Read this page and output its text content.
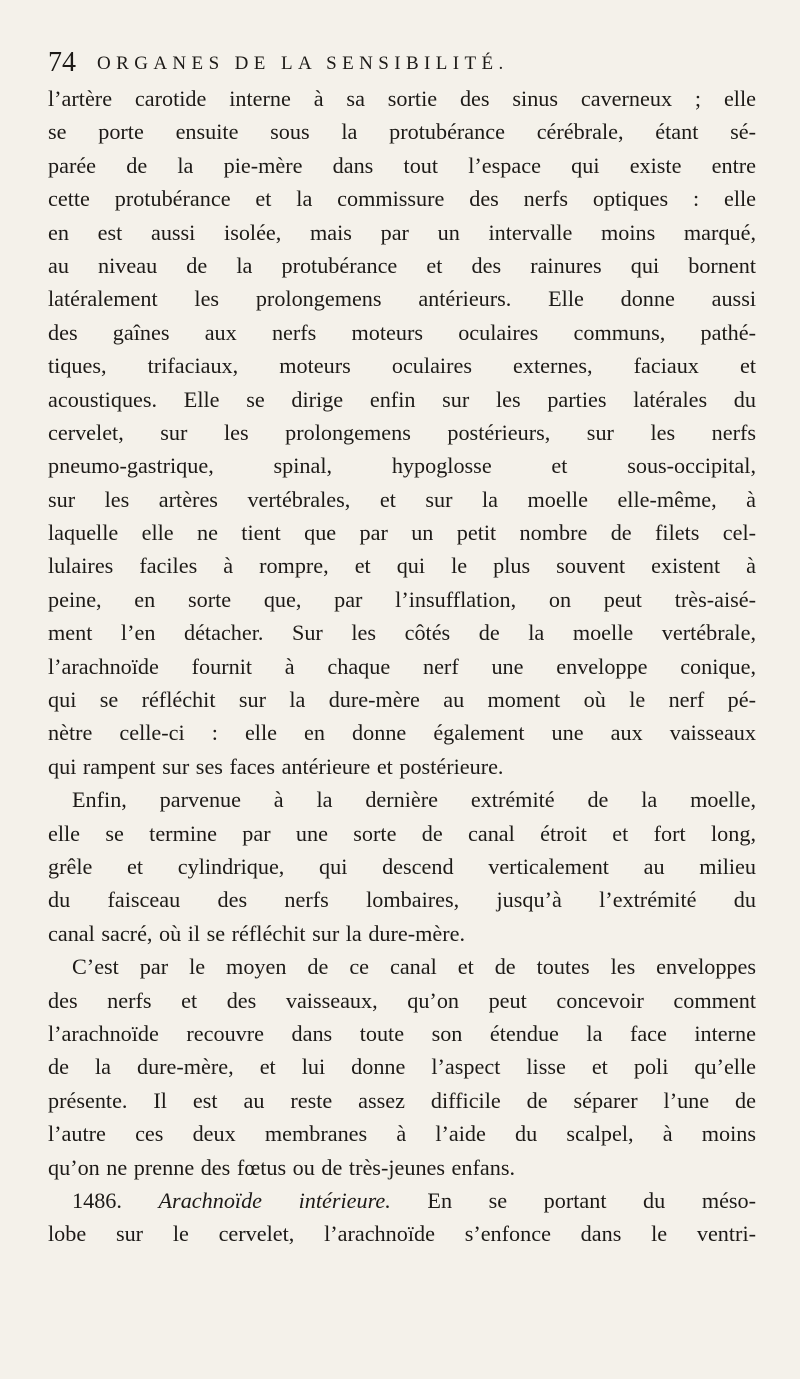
74 ORGANES DE LA SENSIBILITÉ.
l’artère carotide interne à sa sortie des sinus caverneux ; elle
se porte ensuite sous la protubérance cérébrale, étant sé-
parée de la pie-mère dans tout l’espace qui existe entre
cette protubérance et la commissure des nerfs optiques : elle
en est aussi isolée, mais par un intervalle moins marqué,
au niveau de la protubérance et des rainures qui bornent
latéralement les prolongemens antérieurs. Elle donne aussi
des gaînes aux nerfs moteurs oculaires communs, pathé-
tiques, trifaciaux, moteurs oculaires externes, faciaux et
acoustiques. Elle se dirige enfin sur les parties latérales du
cervelet, sur les prolongemens postérieurs, sur les nerfs
pneumo-gastrique, spinal, hypoglosse et sous-occipital,
sur les artères vertébrales, et sur la moelle elle-même, à
laquelle elle ne tient que par un petit nombre de filets cel-
lulaires faciles à rompre, et qui le plus souvent existent à
peine, en sorte que, par l’insufflation, on peut très-aisé-
ment l’en détacher. Sur les côtés de la moelle vertébrale,
l’arachnoïde fournit à chaque nerf une enveloppe conique,
qui se réfléchit sur la dure-mère au moment où le nerf pé-
nètre celle-ci : elle en donne également une aux vaisseaux
qui rampent sur ses faces antérieure et postérieure.
Enfin, parvenue à la dernière extrémité de la moelle,
elle se termine par une sorte de canal étroit et fort long,
grêle et cylindrique, qui descend verticalement au milieu
du faisceau des nerfs lombaires, jusqu’à l’extrémité du
canal sacré, où il se réfléchit sur la dure-mère.
C’est par le moyen de ce canal et de toutes les enveloppes
des nerfs et des vaisseaux, qu’on peut concevoir comment
l’arachnoïde recouvre dans toute son étendue la face interne
de la dure-mère, et lui donne l’aspect lisse et poli qu’elle
présente. Il est au reste assez difficile de séparer l’une de
l’autre ces deux membranes à l’aide du scalpel, à moins
qu’on ne prenne des fœtus ou de très-jeunes enfans.
1486. Arachnoïde intérieure. En se portant du méso-
lobe sur le cervelet, l’arachnoïde s’enfonce dans le ventri-
